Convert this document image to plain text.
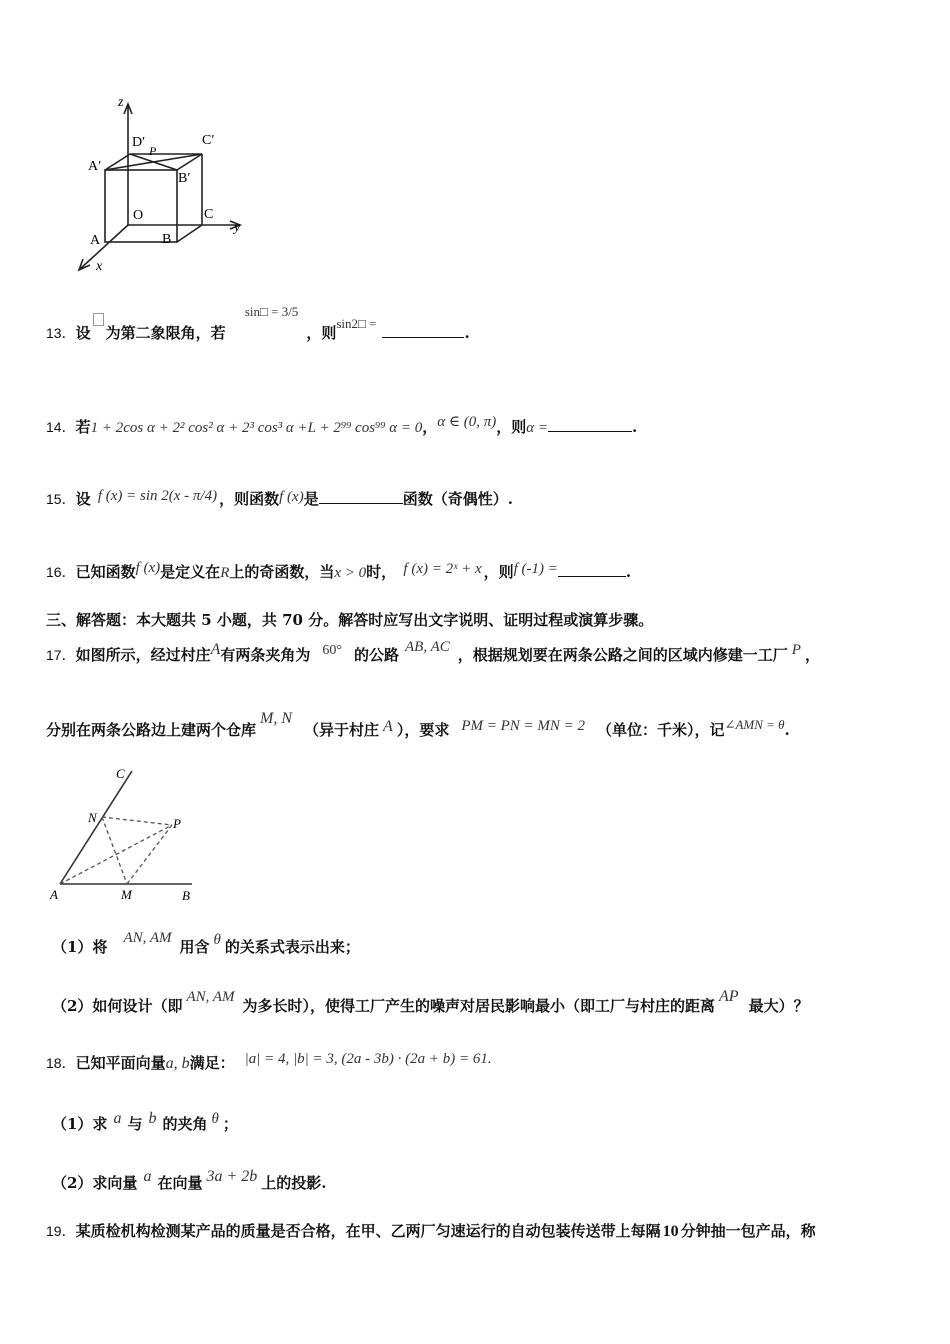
z
D′
P
C′
A′
B′
O	C
y
A	B
x
13．设 为第二象限角，若 sin□ = 3/5，则sin2□ =.
14．若1 + 2cos α + 2² cos² α + 2³ cos³ α +L + 2⁹⁹ cos⁹⁹ α = 0，α ∈ (0, π)，则α =	.
15．设 f (x) = sin 2(x - π/4) ，则函数f (x)是	函数（奇偶性）.
16．已知函数f (x)是定义在R上的奇函数，当x > 0时， f (x) = 2ˣ + x ，则f (-1) =	.
三、解答题：本大题共 5 小题，共 70 分。解答时应写出文字说明、证明过程或演算步骤。
17．如图所示，经过村庄A有两条夹角为 60° 的公路 AB, AC ，根据规划要在两条公路之间的区域内修建一工厂 P ，
分别在两条公路边上建两个仓库M, N（异于村庄 A ），要求 PM = PN = MN = 2 （单位：千米），记∠AMN = θ.
C
N	P
A	M	B
（1）将 AN, AM 用含 θ 的关系式表示出来；
（2）如何设计（即 AN, AM 为多长时），使得工厂产生的噪声对居民影响最小（即工厂与村庄的距离AP最大）？
18．已知平面向量a, b满足： |a| = 4, |b| = 3, (2a - 3b) · (2a + b) = 61.
（1）求 a 与 b 的夹角 θ ；
（2）求向量 a 在向量 3a + 2b 上的投影.
19．某质检机构检测某产品的质量是否合格，在甲、乙两厂匀速运行的自动包装传送带上每隔 10 分钟抽一包产品，称
